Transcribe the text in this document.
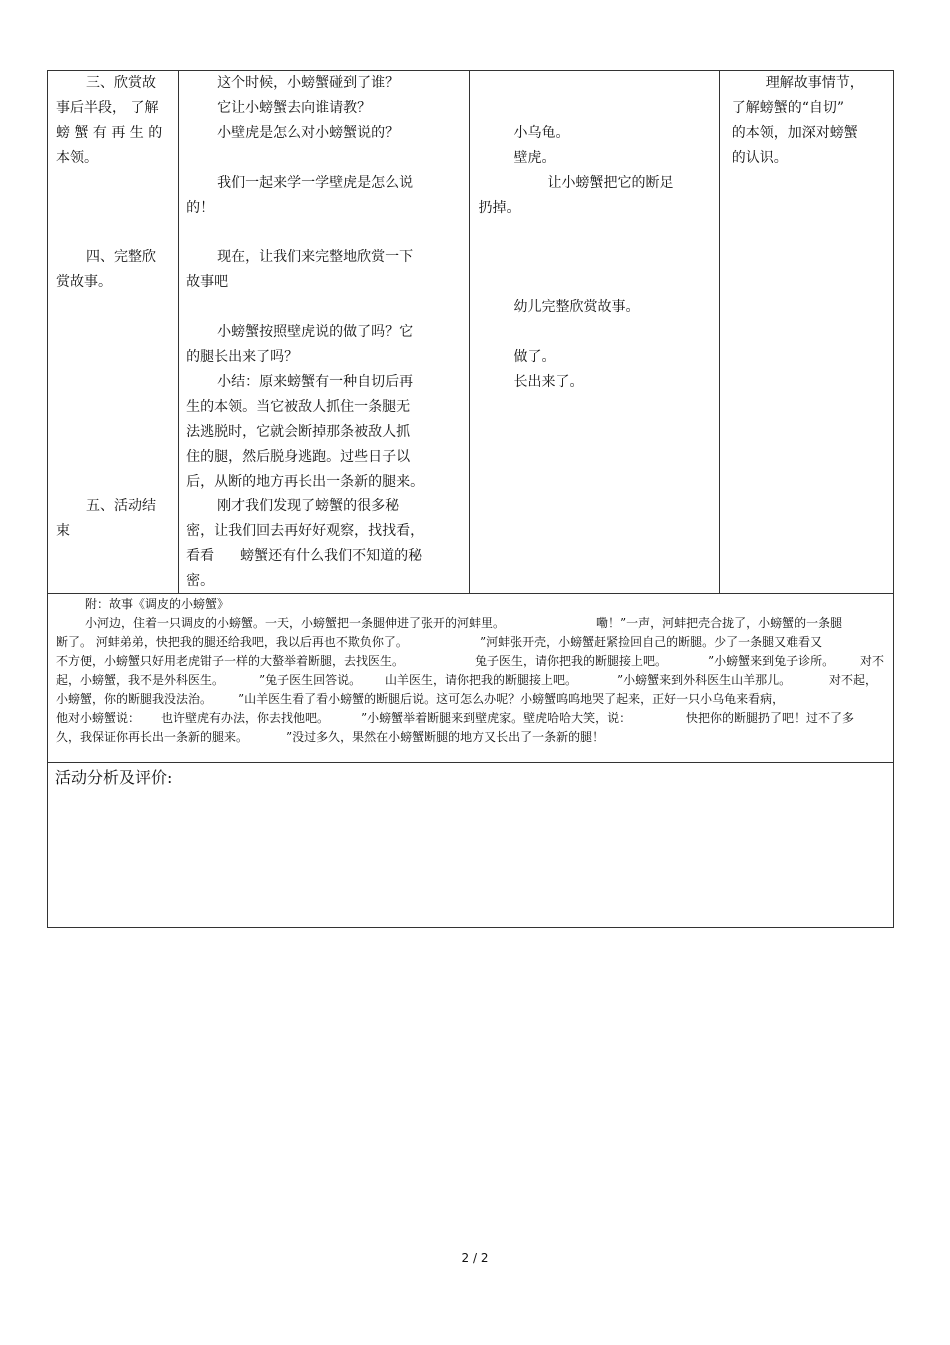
三、欣赏故
事后半段， 了解
螃 蟹 有 再 生 的
本领。
四、完整欣
赏故事。
五、活动结
束

这个时候，小螃蟹碰到了谁？
它让小螃蟹去向谁请教？
小壁虎是怎么对小螃蟹说的？
我们一起来学一学壁虎是怎么说
的！
现在，让我们来完整地欣赏一下
故事吧
小螃蟹按照壁虎说的做了吗？它
的腿长出来了吗？
小结：原来螃蟹有一种自切后再
生的本领。当它被敌人抓住一条腿无
法逃脱时，它就会断掉那条被敌人抓
住的腿，然后脱身逃跑。过些日子以
后，从断的地方再长出一条新的腿来。
刚才我们发现了螃蟹的很多秘
密，让我们回去再好好观察，找找看，
看看 螃蟹还有什么我们不知道的秘
密。

小乌龟。
壁虎。
让小螃蟹把它的断足
扔掉。
幼儿完整欣赏故事。
做了。
长出来了。

理解故事情节，
了解螃蟹的“自切”
的本领，加深对螃蟹
的认识。

附：故事《调皮的小螃蟹》
小河边，住着一只调皮的小螃蟹。一天，小螃蟹把一条腿伸进了张开的河蚌里。	嘞！”一声，河蚌把壳合拢了，小螃蟹的一条腿
断了。 河蚌弟弟，快把我的腿还给我吧，我以后再也不欺负你了。	”河蚌张开壳，小螃蟹赶紧捡回自己的断腿。少了一条腿又难看又
不方便，小螃蟹只好用老虎钳子一样的大螯举着断腿，去找医生。	兔子医生，请你把我的断腿接上吧。	”小螃蟹来到兔子诊所。 对不
起，小螃蟹，我不是外科医生。	”兔子医生回答说。 山羊医生，请你把我的断腿接上吧。	”小螃蟹来到外科医生山羊那儿。	对不起，
小螃蟹，你的断腿我没法治。 ”山羊医生看了看小螃蟹的断腿后说。这可怎么办呢？小螃蟹呜呜地哭了起来，正好一只小乌龟来看病，
他对小螃蟹说： 也许壁虎有办法，你去找他吧。	”小螃蟹举着断腿来到壁虎家。壁虎哈哈大笑，说：	快把你的断腿扔了吧！过不了多
久，我保证你再长出一条新的腿来。	”没过多久，果然在小螃蟹断腿的地方又长出了一条新的腿！

活动分析及评价:
2 / 2
